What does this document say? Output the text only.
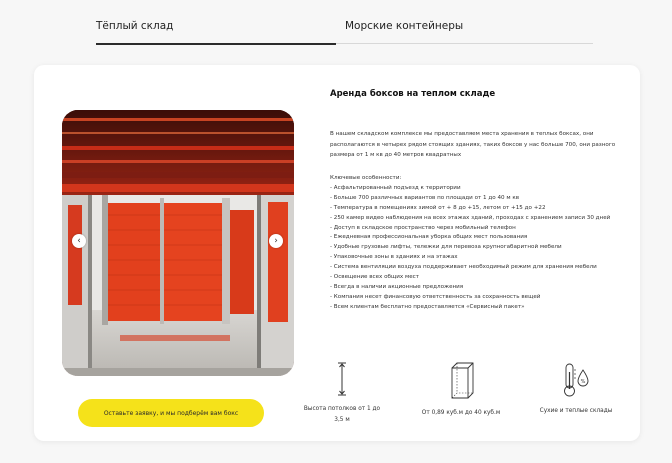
Тёплый склад	Морские контейнеры
‹	›
Оставьте заявку, и мы подберём вам бокс
Аренда боксов на теплом складе

В нашем складском комплексе мы предоставляем места хранения в теплых боксах, они располагаются в четырех рядом стоящих зданиях, таких боксов у нас больше 700, они разного размера от 1 м кв до 40 метров квадратных

Ключевые особенности:
- Асфальтированный подъезд к территории
- Больше 700 различных вариантов по площади от 1 до 40 м кв
- Температура в помещениях зимой от + 8 до +15, летом от +15 до +22
- 250 камер видео наблюдения на всех этажах зданий, проходах с хранением записи 30 дней
- Доступ в складское пространство через мобильный телефон
- Ежедневная профессиональная уборка общих мест пользования
- Удобные грузовые лифты, тележки для перевоза крупногабаритной мебели
- Упаковочные зоны в зданиях и на этажах
- Система вентиляции воздуха поддерживает необходимый режим для хранения мебели
- Освещение всех общих мест
- Всегда в наличии акционные предложения
- Компания несет финансовую ответственность за сохранность вещей
- Всем клиентам бесплатно предоставляется «Сервисный пакет»
Высота потолков от 1 до 3,5 м
От 0,89 куб.м до 40 куб.м
%
Сухие и теплые склады
